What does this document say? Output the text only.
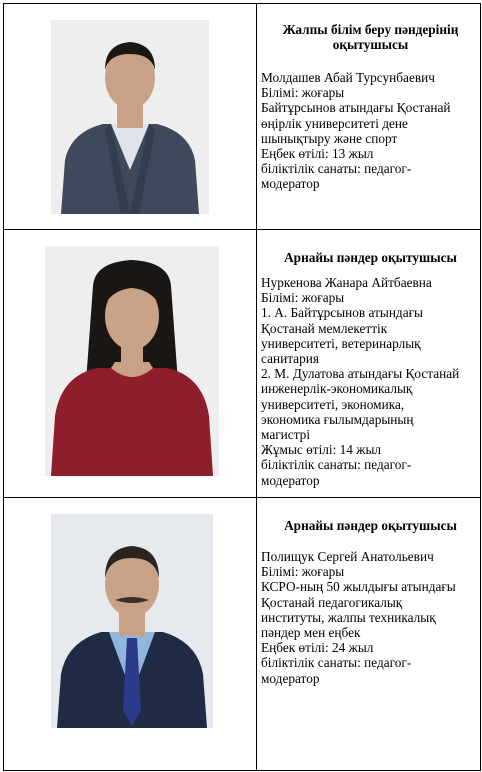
Жалпы білім беру пәндерінің
оқытушысы
Молдашев Абай Турсунбаевич
Білімі: жоғары
Байтұрсынов атындағы Қостанай
өңірлік университеті дене
шынықтыру және спорт
Еңбек өтілі: 13 жыл
біліктілік санаты: педагог-
модератор
Арнайы пәндер оқытушысы
Нуркенова Жанара Айтбаевна
Білімі: жоғары
1. А. Байтұрсынов атындағы
Қостанай мемлекеттік
университеті, ветеринарлық
санитария
2. М. Дулатова атындағы Қостанай
инженерлік-экономикалық
университеті, экономика,
экономика ғылымдарының
магистрі
Жұмыс өтілі: 14 жыл
біліктілік санаты: педагог-
модератор
Арнайы пәндер оқытушысы
Полищук Сергей Анатольевич
Білімі: жоғары
КСРО-ның 50 жылдығы атындағы
Қостанай педагогикалық
институты, жалпы техникалық
пәндер мен еңбек
Еңбек өтілі: 24 жыл
біліктілік санаты: педагог-
модератор
